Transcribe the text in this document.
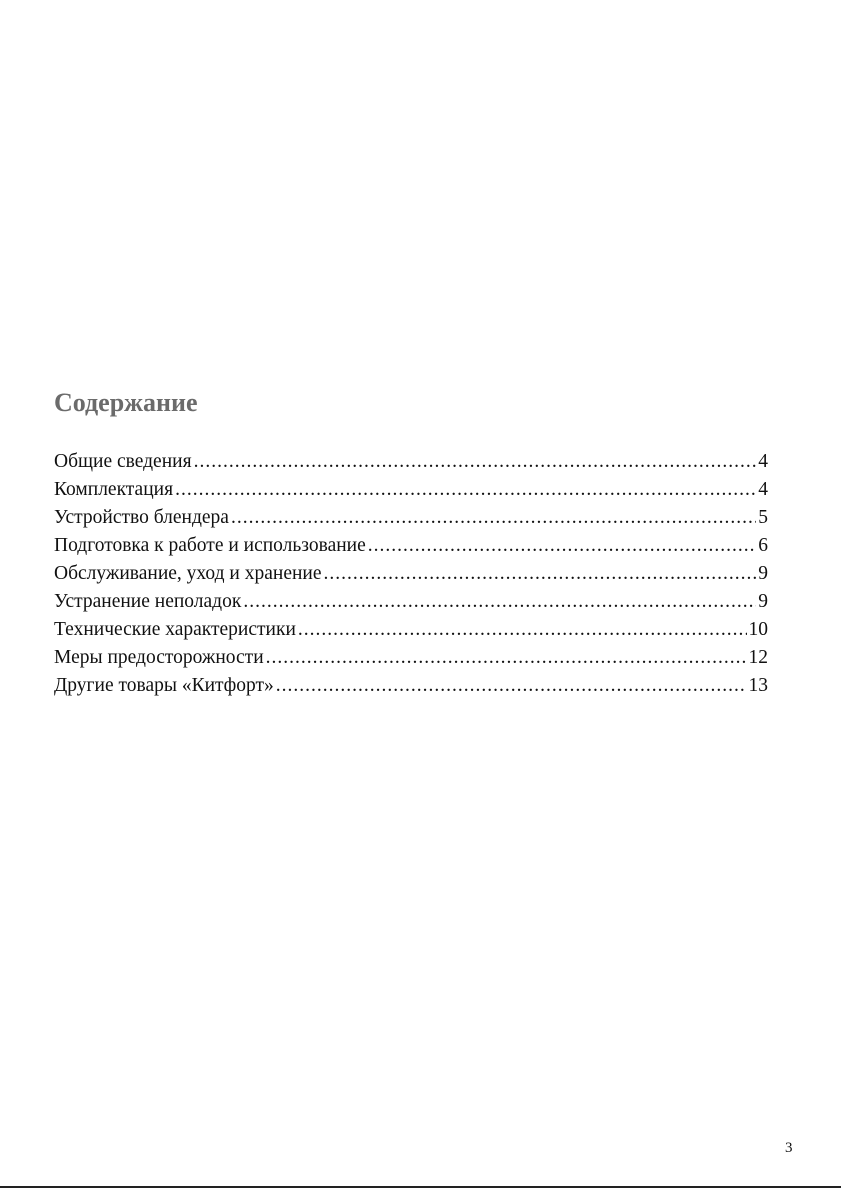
Содержание
Общие сведения .....	4
Комплектация .....	4
Устройство блендера .....	5
Подготовка к работе и использование .....	6
Обслуживание, уход и хранение .....	9
Устранение неполадок .....	9
Технические характеристики .....	10
Меры предосторожности .....	12
Другие товары «Китфорт» .....	13
3
